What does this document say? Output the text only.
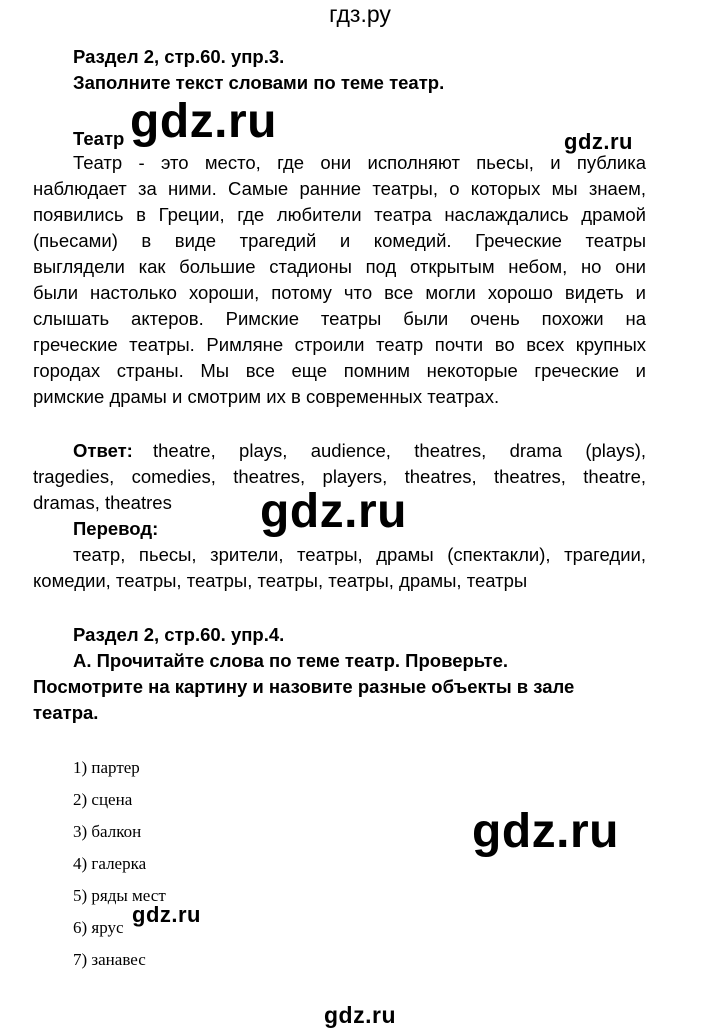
гдз.ру
Раздел 2, стр.60. упр.3.
Заполните текст словами по теме театр.
Театр gdz.ru	gdz.ru
Театр - это место, где они исполняют пьесы, и публика
наблюдает за ними. Самые ранние театры, о которых мы знаем,
появились в Греции, где любители театра наслаждались драмой
(пьесами) в виде трагедий и комедий. Греческие театры
выглядели как большие стадионы под открытым небом, но они
были настолько хороши, потому что все могли хорошо видеть и
слышать актеров. Римские театры были очень похожи на
греческие театры. Римляне строили театр почти во всех крупных
городах страны. Мы все еще помним некоторые греческие и
римские драмы и смотрим их в современных театрах.
Ответ: theatre, plays, audience, theatres, drama (plays),
tragedies, comedies, theatres, players, theatres, theatres, theatre,
dramas, theatres gdz.ru
Перевод:
театр, пьесы, зрители, театры, драмы (спектакли), трагедии,
комедии, театры, театры, театры, театры, драмы, театры
Раздел 2, стр.60. упр.4.
А. Прочитайте слова по теме театр. Проверьте.
Посмотрите на картину и назовите разные объекты в зале
театра.
1) партер
2) сцена
3) балкон
4) галерка
5) ряды мест
6) ярус
7) занавес
gdz.ru
gdz.ru
gdz.ru
